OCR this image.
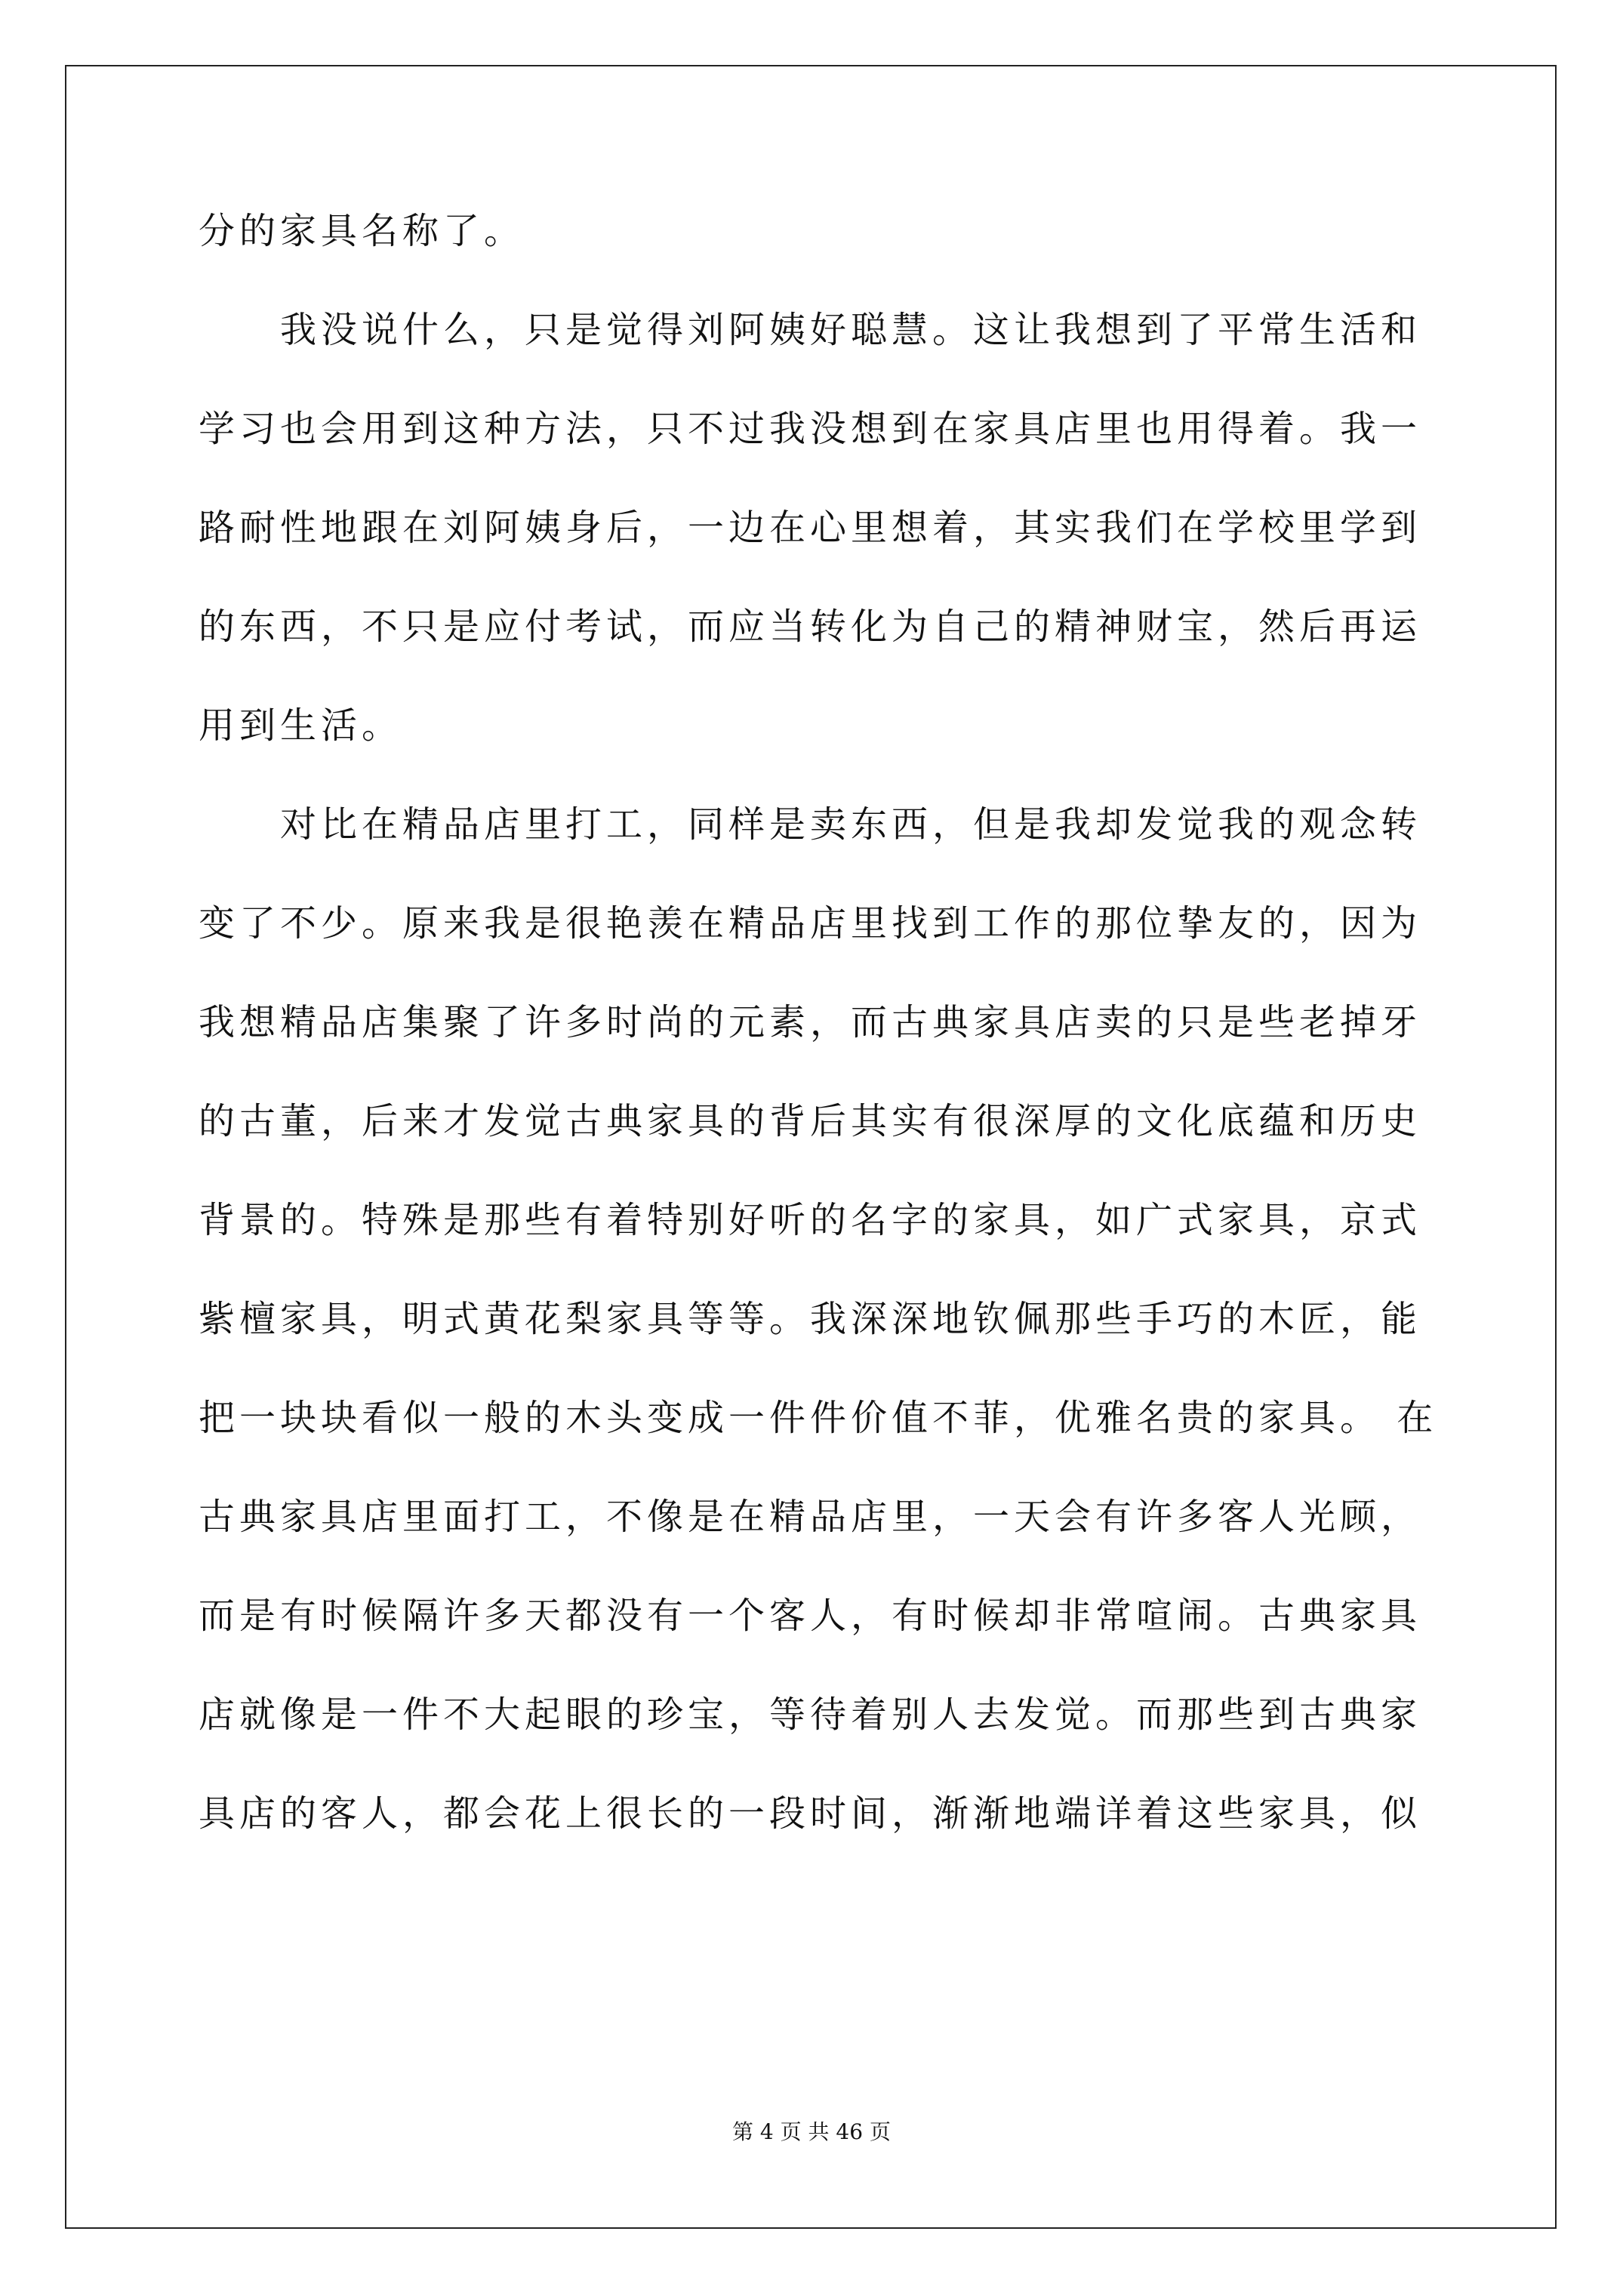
分的家具名称了。
我没说什么，只是觉得刘阿姨好聪慧。这让我想到了平常生活和
学习也会用到这种方法，只不过我没想到在家具店里也用得着。我一
路耐性地跟在刘阿姨身后，一边在心里想着，其实我们在学校里学到
的东西，不只是应付考试，而应当转化为自己的精神财宝，然后再运
用到生活。
对比在精品店里打工，同样是卖东西，但是我却发觉我的观念转
变了不少。原来我是很艳羡在精品店里找到工作的那位挚友的，因为
我想精品店集聚了许多时尚的元素，而古典家具店卖的只是些老掉牙
的古董，后来才发觉古典家具的背后其实有很深厚的文化底蕴和历史
背景的。特殊是那些有着特别好听的名字的家具，如广式家具，京式
紫檀家具，明式黄花梨家具等等。我深深地钦佩那些手巧的木匠，能
把一块块看似一般的木头变成一件件价值不菲，优雅名贵的家具。 在
古典家具店里面打工，不像是在精品店里，一天会有许多客人光顾，
而是有时候隔许多天都没有一个客人，有时候却非常喧闹。古典家具
店就像是一件不大起眼的珍宝，等待着别人去发觉。而那些到古典家
具店的客人，都会花上很长的一段时间，渐渐地端详着这些家具，似
第 4 页 共 46 页
